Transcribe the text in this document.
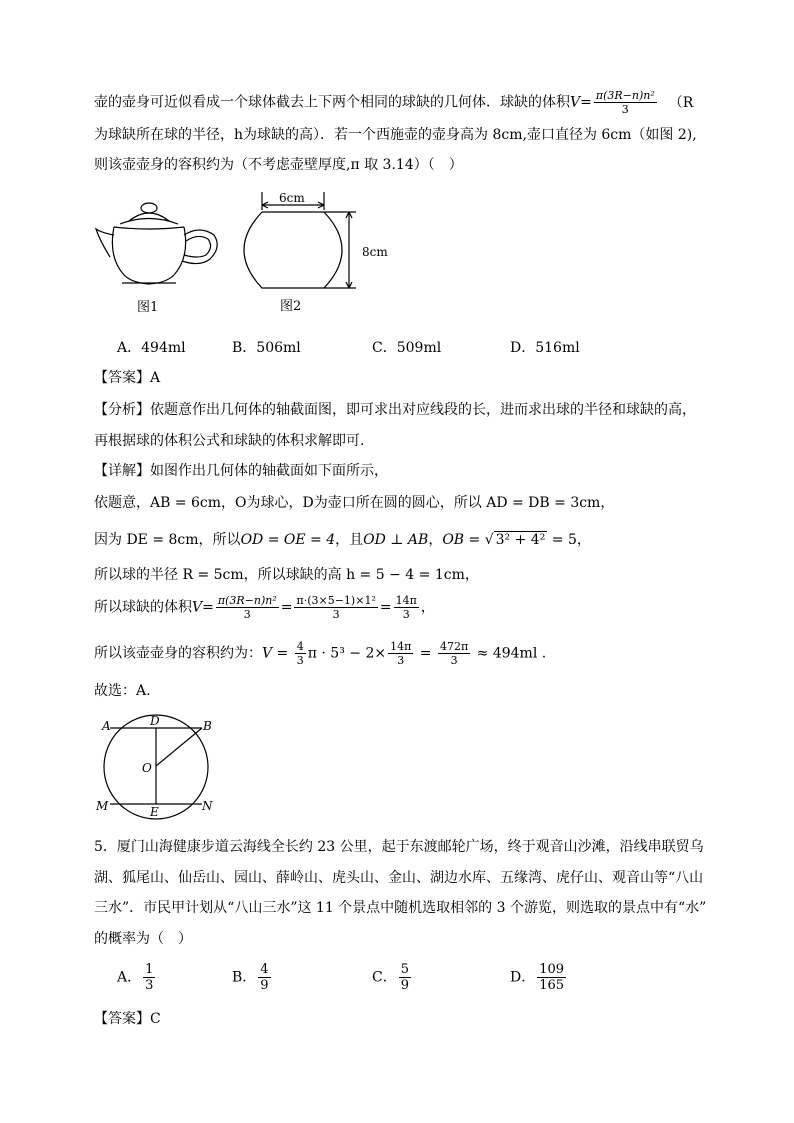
壶的壶身可近似看成一个球体截去上下两个相同的球缺的几何体．球缺的体积$V= \frac{\text{π(3R−n)n²}}{3} (R$
为球缺所在球的半径，h为球缺的高）．若一个西施壶的壶身高为 8cm,壶口直径为 6cm（如图 2),
则该壶壶身的容积约为（不考虑壶壁厚度,π 取 3.14）（　）
图1
6cm
8cm
图2
A．494ml	B．506ml	C．509ml	D．516ml
【答案】A
【分析】依题意作出几何体的轴截面图，即可求出对应线段的长，进而求出球的半径和球缺的高，
再根据球的体积公式和球缺的体积求解即可.
【详解】如图作出几何体的轴截面如下面所示，
依题意，AB = 6cm，O为球心，D为壶口所在圆的圆心，所以 AD = DB = 3cm，
因为 DE = 8cm，所以OD = OE = 4，且OD ⊥ AB，OB = √ 3² + 4² = 5，
所以球的半径 R = 5cm，所以球缺的高 h = 5 − 4 = 1cm，
所以球缺的体积$V= \frac{\text{π(3R−n)n²}}{3} = \frac{\text{π·(3×5−1)×1²}}{3} = \frac{14\pi}{3}$ ，
所以该壶壶身的容积约为：$V = \frac{4}{3}$ $\pi \cdot 5^3 - 2\times \frac{14\pi}{3} = \frac{472\pi}{3} \approx 494ml$ .
故选：A.
A	D	B
O
M	E	N
5．厦门山海健康步道云海线全长约 23 公里，起于东渡邮轮广场，终于观音山沙滩，沿线串联贸乌
湖、狐尾山、仙岳山、园山、薛岭山、虎头山、金山、湖边水库、五缘湾、虎仔山、观音山等“八山
三水”．市民甲计划从“八山三水”这 11 个景点中随机选取相邻的 3 个游览，则选取的景点中有“水”
的概率为（　）
A． $\frac{1}{3}$	B． $\frac{4}{9}$	C． $\frac{5}{9}$	D． $\frac{109}{165}$
【答案】C
